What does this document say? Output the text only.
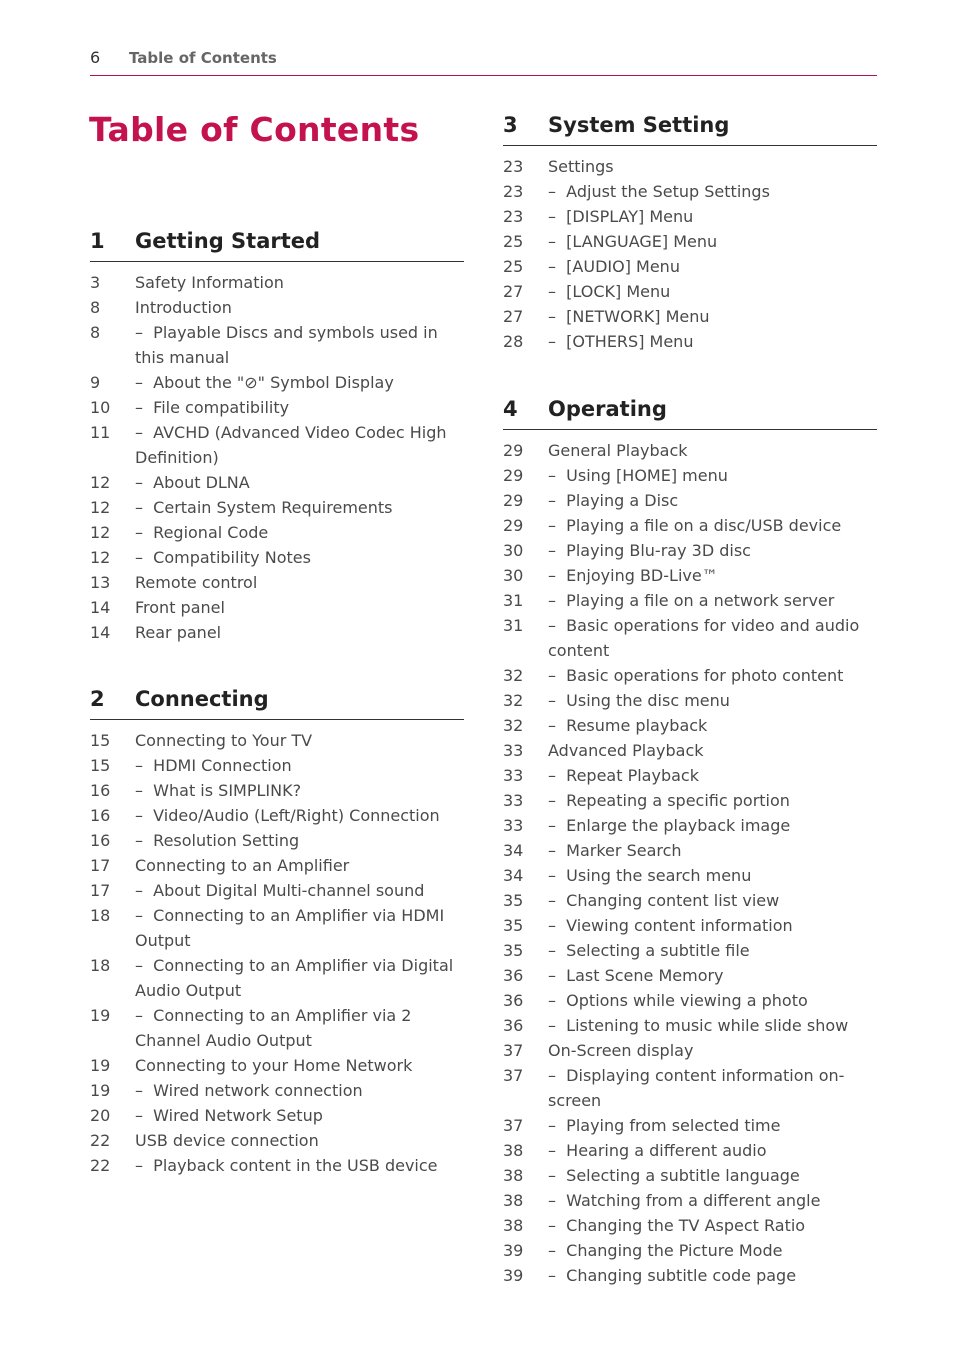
6 Table of Contents
Table of Contents
1 Getting Started
3	Safety Information
8	Introduction
8	–  Playable Discs and symbols used in this manual
9	–  About the "⊘" Symbol Display
10	–  File compatibility
11	–  AVCHD (Advanced Video Codec High Definition)
12	–  About DLNA
12	–  Certain System Requirements
12	–  Regional Code
12	–  Compatibility Notes
13	Remote control
14	Front panel
14	Rear panel
2 Connecting
15	Connecting to Your TV
15	–  HDMI Connection
16	–  What is SIMPLINK?
16	–  Video/Audio (Left/Right) Connection
16	–  Resolution Setting
17	Connecting to an Amplifier
17	–  About Digital Multi-channel sound
18	–  Connecting to an Amplifier via HDMI Output
18	–  Connecting to an Amplifier via Digital Audio Output
19	–  Connecting to an Amplifier via 2 Channel Audio Output
19	Connecting to your Home Network
19	–  Wired network connection
20	–  Wired Network Setup
22	USB device connection
22	–  Playback content in the USB device
3 System Setting
23	Settings
23	–  Adjust the Setup Settings
23	–  [DISPLAY] Menu
25	–  [LANGUAGE] Menu
25	–  [AUDIO] Menu
27	–  [LOCK] Menu
27	–  [NETWORK] Menu
28	–  [OTHERS] Menu
4 Operating
29	General Playback
29	–  Using [HOME] menu
29	–  Playing a Disc
29	–  Playing a file on a disc/USB device
30	–  Playing Blu-ray 3D disc
30	–  Enjoying BD-Live™
31	–  Playing a file on a network server
31	–  Basic operations for video and audio content
32	–  Basic operations for photo content
32	–  Using the disc menu
32	–  Resume playback
33	Advanced Playback
33	–  Repeat Playback
33	–  Repeating a specific portion
33	–  Enlarge the playback image
34	–  Marker Search
34	–  Using the search menu
35	–  Changing content list view
35	–  Viewing content information
35	–  Selecting a subtitle file
36	–  Last Scene Memory
36	–  Options while viewing a photo
36	–  Listening to music while slide show
37	On-Screen display
37	–  Displaying content information on-screen
37	–  Playing from selected time
38	–  Hearing a different audio
38	–  Selecting a subtitle language
38	–  Watching from a different angle
38	–  Changing the TV Aspect Ratio
39	–  Changing the Picture Mode
39	–  Changing subtitle code page
